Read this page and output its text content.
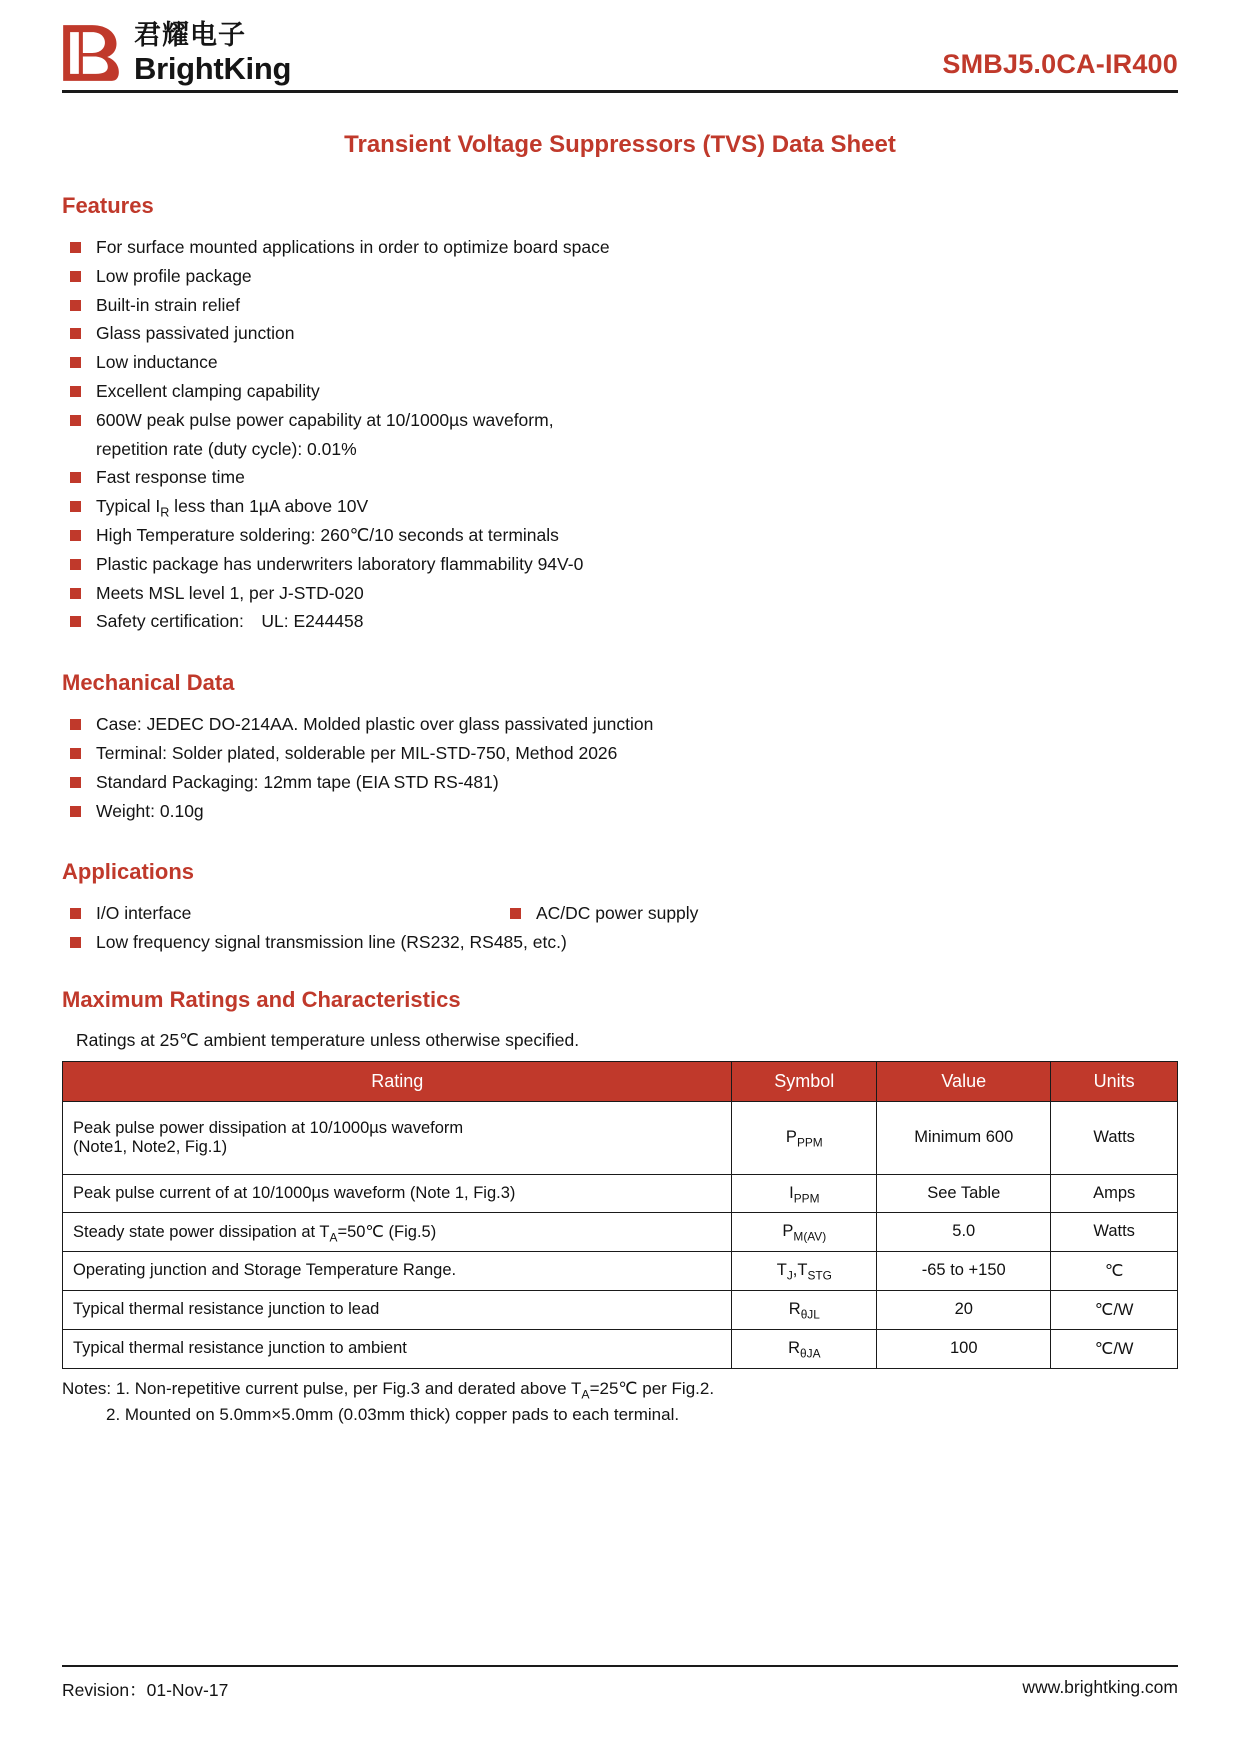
君耀电子
BrightKing	SMBJ5.0CA-IR400
Transient Voltage Suppressors (TVS) Data Sheet
Features
For surface mounted applications in order to optimize board space
Low profile package
Built-in strain relief
Glass passivated junction
Low inductance
Excellent clamping capability
600W peak pulse power capability at 10/1000µs waveform,
repetition rate (duty cycle): 0.01%
Fast response time
Typical $I_R$ less than 1µA above 10V
High Temperature soldering: 260℃/10 seconds at terminals
Plastic package has underwriters laboratory flammability 94V-0
Meets MSL level 1, per J-STD-020
Safety certification: UL: E244458
Mechanical Data
Case: JEDEC DO-214AA. Molded plastic over glass passivated junction
Terminal: Solder plated, solderable per MIL-STD-750, Method 2026
Standard Packaging: 12mm tape (EIA STD RS-481)
Weight: 0.10g
Applications
I/O interface	AC/DC power supply
Low frequency signal transmission line (RS232, RS485, etc.)
Maximum Ratings and Characteristics
Ratings at 25℃ ambient temperature unless otherwise specified.
Rating	Symbol	Value	Units

Peak pulse power dissipation at 10/1000µs waveform
(Note1, Note2, Fig.1)	$P_{PPM}$	Minimum 600	Watts
Peak pulse current of at 10/1000µs waveform (Note 1, Fig.3)	$I_{PPM}$	See Table	Amps
Steady state power dissipation at $T_A=50℃$ (Fig.5)	$P_{M(AV)}$	5.0	Watts
Operating junction and Storage Temperature Range.	$T_J,T_{STG}$	-65 to +150	℃
Typical thermal resistance junction to lead	$R_{\theta JL}$	20	℃/W
Typical thermal resistance junction to ambient	$R_{\theta JA}$	100	℃/W
Notes: 1. Non-repetitive current pulse, per Fig.3 and derated above $T_A=25℃$ per Fig.2.
2. Mounted on 5.0mm×5.0mm (0.03mm thick) copper pads to each terminal.
Revision：01-Nov-17	www.brightking.com
